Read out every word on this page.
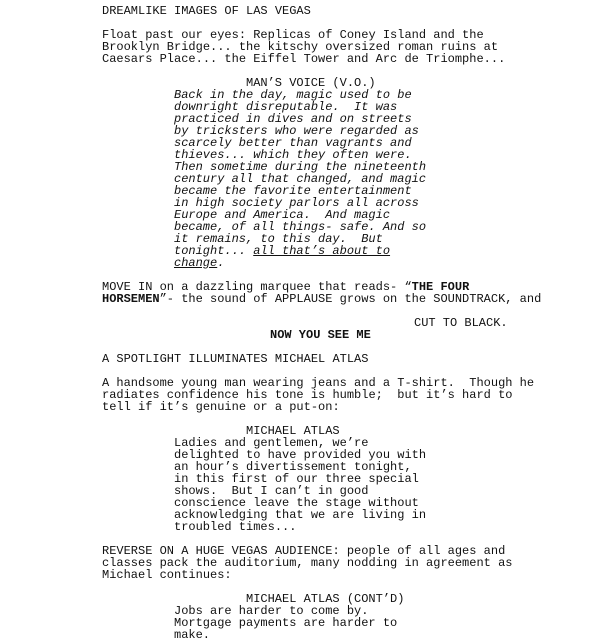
DREAMLIKE IMAGES OF LAS VEGAS
Float past our eyes: Replicas of Coney Island and the
Brooklyn Bridge... the kitschy oversized roman ruins at
Caesars Place... the Eiffel Tower and Arc de Triomphe...
MAN’S VOICE (V.O.)
Back in the day, magic used to be
downright disreputable.  It was
practiced in dives and on streets
by tricksters who were regarded as
scarcely better than vagrants and
thieves... which they often were.
Then sometime during the nineteenth
century all that changed, and magic
became the favorite entertainment
in high society parlors all across
Europe and America.  And magic
became, of all things- safe. And so
it remains, to this day.  But
tonight... all that’s about to
change.
MOVE IN on a dazzling marquee that reads- “THE FOUR
HORSEMEN”- the sound of APPLAUSE grows on the SOUNDTRACK, and
CUT TO BLACK.
NOW YOU SEE ME
A SPOTLIGHT ILLUMINATES MICHAEL ATLAS
A handsome young man wearing jeans and a T-shirt.  Though he
radiates confidence his tone is humble;  but it’s hard to
tell if it’s genuine or a put-on:
MICHAEL ATLAS
Ladies and gentlemen, we’re
delighted to have provided you with
an hour’s divertissement tonight,
in this first of our three special
shows.  But I can’t in good
conscience leave the stage without
acknowledging that we are living in
troubled times...
REVERSE ON A HUGE VEGAS AUDIENCE: people of all ages and
classes pack the auditorium, many nodding in agreement as
Michael continues:
MICHAEL ATLAS (CONT’D)
Jobs are harder to come by.
Mortgage payments are harder to
make.
